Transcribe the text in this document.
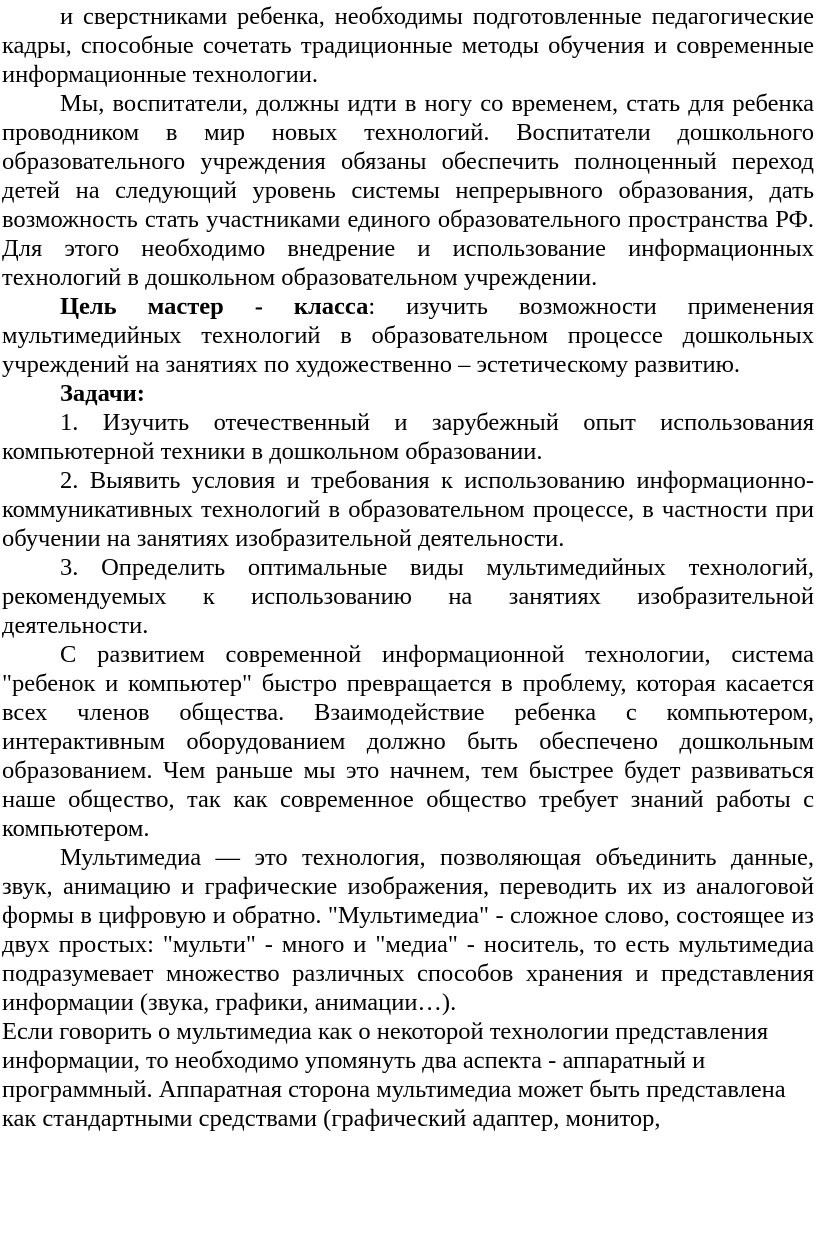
и сверстниками ребенка, необходимы подготовленные педагогические кадры, способные сочетать традиционные методы обучения и современные информационные технологии.

Мы, воспитатели, должны идти в ногу со временем, стать для ребенка проводником в мир новых технологий. Воспитатели дошкольного образовательного учреждения обязаны обеспечить полноценный переход детей на следующий уровень системы непрерывного образования, дать возможность стать участниками единого образовательного пространства РФ. Для этого необходимо внедрение и использование информационных технологий в дошкольном образовательном учреждении.

Цель мастер - класса: изучить возможности применения мультимедийных технологий в образовательном процессе дошкольных учреждений на занятиях по художественно – эстетическому развитию.

Задачи:

1. Изучить отечественный и зарубежный опыт использования компьютерной техники в дошкольном образовании.

2. Выявить условия и требования к использованию информационно-коммуникативных технологий в образовательном процессе, в частности при обучении на занятиях изобразительной деятельности.

3. Определить оптимальные виды мультимедийных технологий, рекомендуемых к использованию на занятиях изобразительной деятельности.

С развитием современной информационной технологии, система "ребенок и компьютер" быстро превращается в проблему, которая касается всех членов общества. Взаимодействие ребенка с компьютером, интерактивным оборудованием должно быть обеспечено дошкольным образованием. Чем раньше мы это начнем, тем быстрее будет развиваться наше общество, так как современное общество требует знаний работы с компьютером.

Мультимедиа — это технология, позволяющая объединить данные, звук, анимацию и графические изображения, переводить их из аналоговой формы в цифровую и обратно. "Мультимедиа" - сложное слово, состоящее из двух простых: "мульти" - много и "медиа" - носитель, то есть мультимедиа подразумевает множество различных способов хранения и представления информации (звука, графики, анимации…).

Если говорить о мультимедиа как о некоторой технологии представления информации, то необходимо упомянуть два аспекта - аппаратный и программный. Аппаратная сторона мультимедиа может быть представлена как стандартными средствами (графический адаптер, монитор,
